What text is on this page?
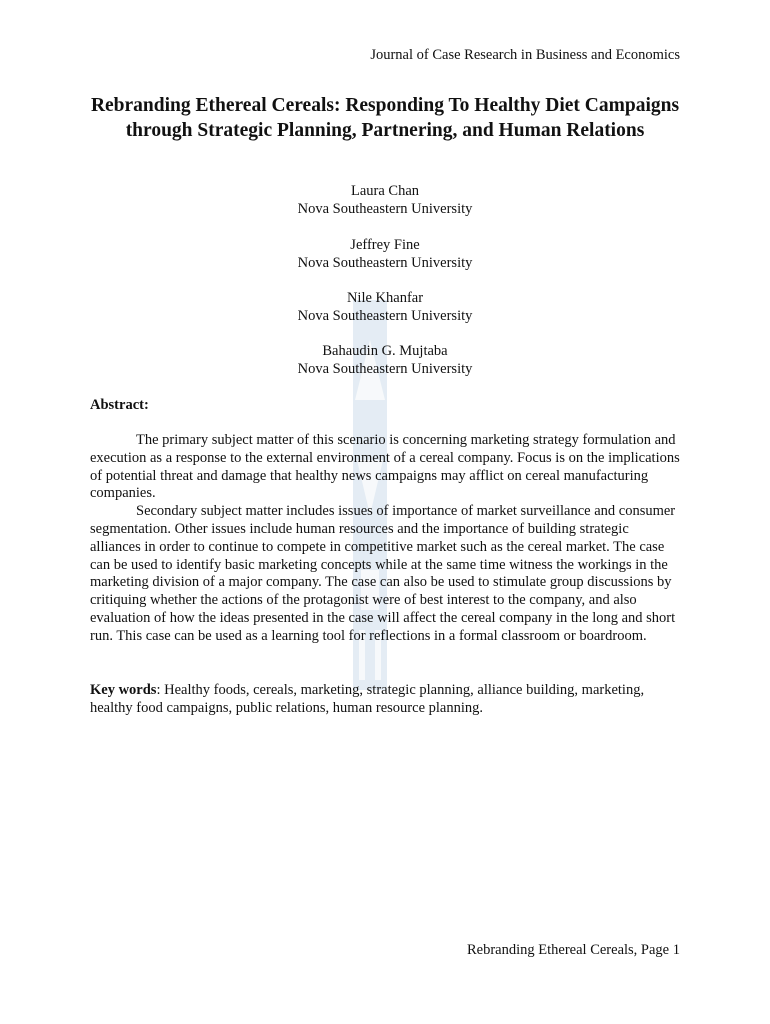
Journal of Case Research in Business and Economics
Rebranding Ethereal Cereals: Responding To Healthy Diet Campaigns through Strategic Planning, Partnering, and Human Relations
Laura Chan
Nova Southeastern University
Jeffrey Fine
Nova Southeastern University
Nile Khanfar
Nova Southeastern University
Bahaudin G. Mujtaba
Nova Southeastern University
Abstract:

The primary subject matter of this scenario is concerning marketing strategy formulation and execution as a response to the external environment of a cereal company. Focus is on the implications of potential threat and damage that healthy news campaigns may afflict on cereal manufacturing companies.

Secondary subject matter includes issues of importance of market surveillance and consumer segmentation. Other issues include human resources and the importance of building strategic alliances in order to continue to compete in competitive market such as the cereal market. The case can be used to identify basic marketing concepts while at the same time witness the workings in the marketing division of a major company. The case can also be used to stimulate group discussions by critiquing whether the actions of the protagonist were of best interest to the company, and also evaluation of how the ideas presented in the case will affect the cereal company in the long and short run. This case can be used as a learning tool for reflections in a formal classroom or boardroom.

Key words: Healthy foods, cereals, marketing, strategic planning, alliance building, marketing, healthy food campaigns, public relations, human resource planning.
Rebranding Ethereal Cereals, Page 1
